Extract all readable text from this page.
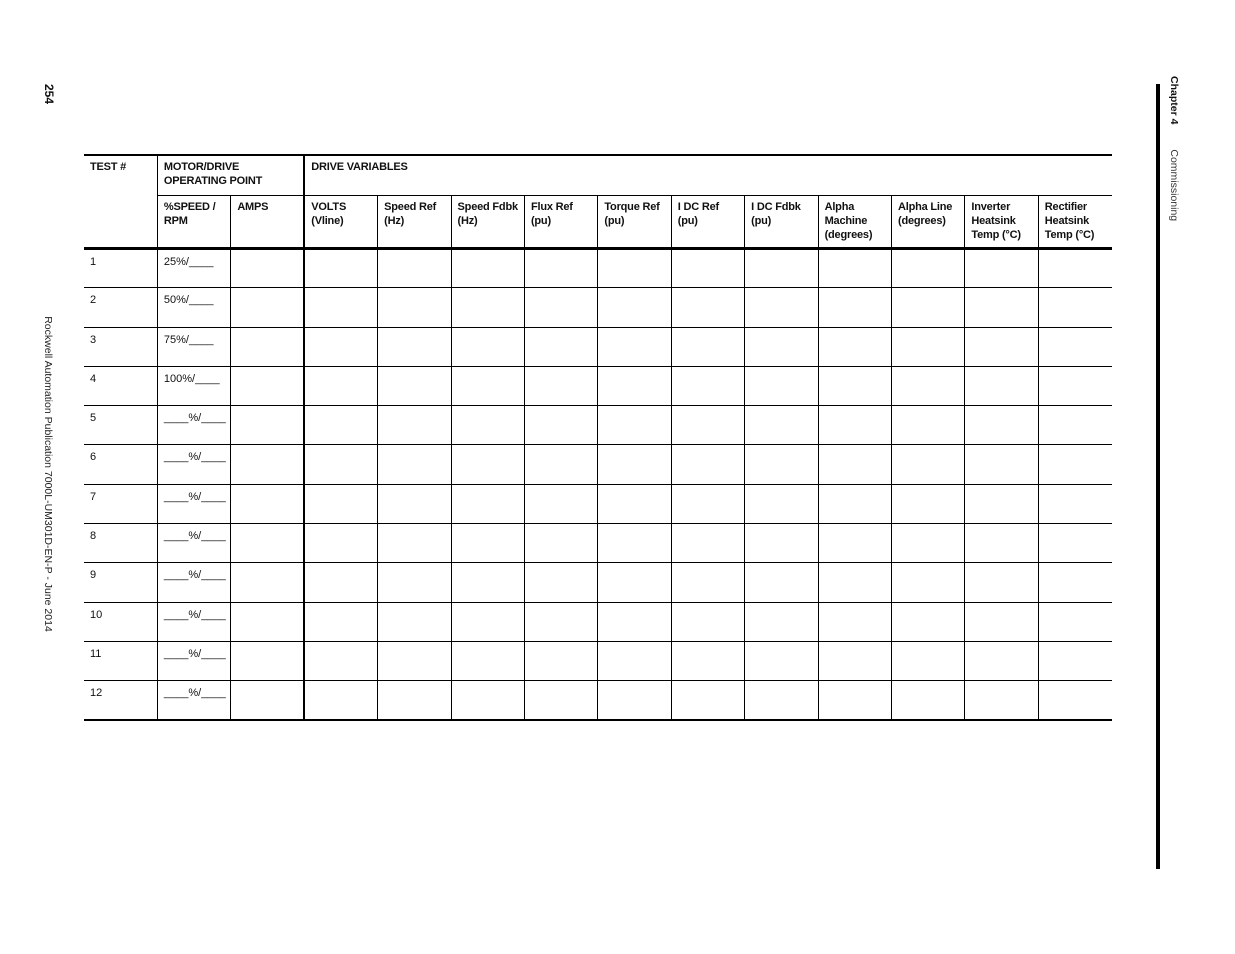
254
Rockwell Automation Publication 7000L-UM301D-EN-P - June 2014
Chapter 4 Commissioning
TEST #	MOTOR/DRIVE OPERATING POINT		DRIVE VARIABLES										
	%SPEED / RPM	AMPS	VOLTS (Vline)	Speed Ref (Hz)	Speed Fdbk (Hz)	Flux Ref (pu)	Torque Ref (pu)	I DC Ref (pu)	I DC Fdbk (pu)	Alpha Machine (degrees)	Alpha Line (degrees)	Inverter Heatsink Temp (°C)	Rectifier Heatsink Temp (°C)
1	25%/____												
2	50%/____												
3	75%/____												
4	100%/____												
5	____%/____												
6	____%/____												
7	____%/____												
8	____%/____												
9	____%/____												
10	____%/____												
11	____%/____												
12	____%/____												
